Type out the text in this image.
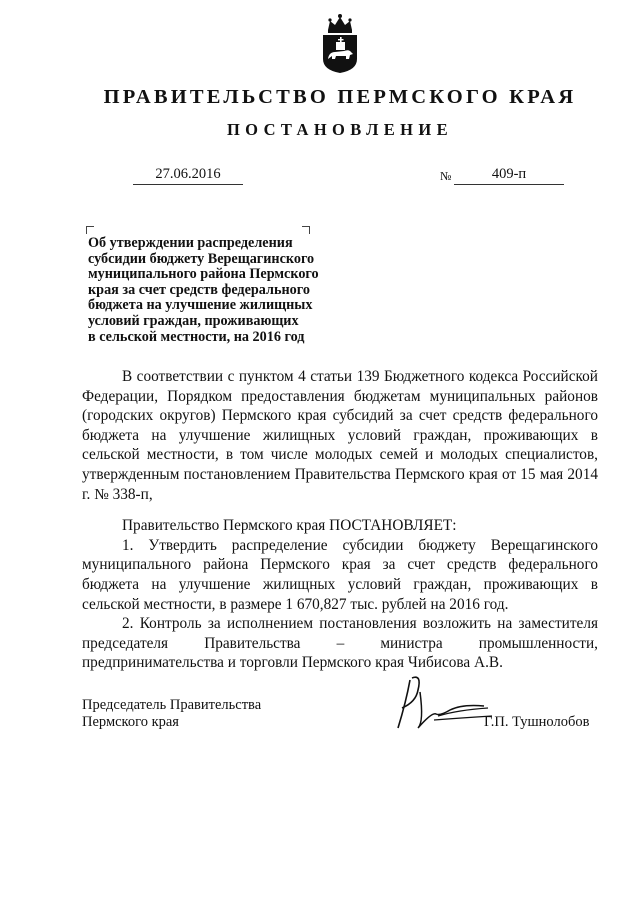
ПРАВИТЕЛЬСТВО ПЕРМСКОГО КРАЯ
ПОСТАНОВЛЕНИЕ
27.06.2016	№	409-п
Об утверждении распределения
субсидии бюджету Верещагинского
муниципального района Пермского
края за счет средств федерального
бюджета на улучшение жилищных
условий граждан, проживающих
в сельской местности, на 2016 год

В соответствии с пунктом 4 статьи 139 Бюджетного кодекса Российской Федерации, Порядком предоставления бюджетам муниципальных районов (городских округов) Пермского края субсидий за счет средств федерального бюджета на улучшение жилищных условий граждан, проживающих в сельской местности, в том числе молодых семей и молодых специалистов, утвержденным постановлением Правительства Пермского края от 15 мая 2014 г. № 338-п,

Правительство Пермского края ПОСТАНОВЛЯЕТ:

1. Утвердить распределение субсидии бюджету Верещагинского муниципального района Пермского края за счет средств федерального бюджета на улучшение жилищных условий граждан, проживающих в сельской местности, в размере 1 670,827 тыс. рублей на 2016 год.

2. Контроль за исполнением постановления возложить на заместителя председателя Правительства – министра промышленности, предпринимательства и торговли Пермского края Чибисова А.В.

Председатель Правительства
Пермского края	Г.П. Тушнолобов
